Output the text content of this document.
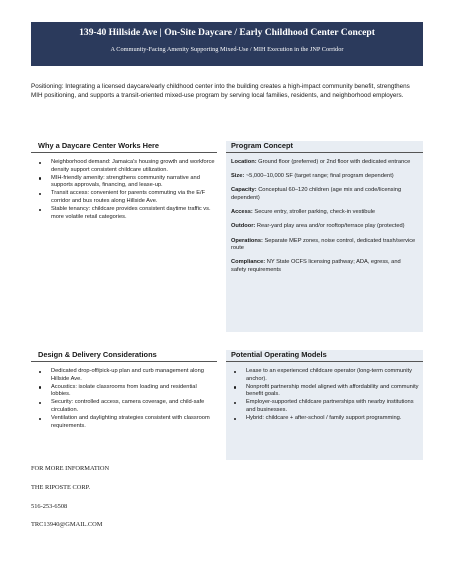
139-40 Hillside Ave | On-Site Daycare / Early Childhood Center Concept
A Community-Facing Amenity Supporting Mixed-Use / MIH Execution in the JNP Corridor
Positioning: Integrating a licensed daycare/early childhood center into the building creates a high-impact community benefit, strengthens MIH positioning, and supports a transit-oriented mixed-use program by serving local families, residents, and neighborhood employers.
Why a Daycare Center Works Here
Neighborhood demand: Jamaica's housing growth and workforce density support consistent childcare utilization.
MIH-friendly amenity: strengthens community narrative and supports approvals, financing, and lease-up.
Transit access: convenient for parents commuting via the E/F corridor and bus routes along Hillside Ave.
Stable tenancy: childcare provides consistent daytime traffic vs. more volatile retail categories.
Program Concept
Location: Ground floor (preferred) or 2nd floor with dedicated entrance
Size: ~5,000–10,000 SF (target range; final program dependent)
Capacity: Conceptual 60–120 children (age mix and code/licensing dependent)
Access: Secure entry, stroller parking, check-in vestibule
Outdoor: Rear-yard play area and/or rooftop/terrace play (protected)
Operations: Separate MEP zones, noise control, dedicated trash/service route
Compliance: NY State OCFS licensing pathway; ADA, egress, and safety requirements
Design & Delivery Considerations
Dedicated drop-off/pick-up plan and curb management along Hillside Ave.
Acoustics: isolate classrooms from loading and residential lobbies.
Security: controlled access, camera coverage, and child-safe circulation.
Ventilation and daylighting strategies consistent with classroom requirements.
Potential Operating Models
Lease to an experienced childcare operator (long-term community anchor).
Nonprofit partnership model aligned with affordability and community benefit goals.
Employer-supported childcare partnerships with nearby institutions and businesses.
Hybrid: childcare + after-school / family support programming.
FOR MORE INFORMATION
THE RIPOSTE CORP.
516-253-6508
TRC13940@GMAIL.COM
